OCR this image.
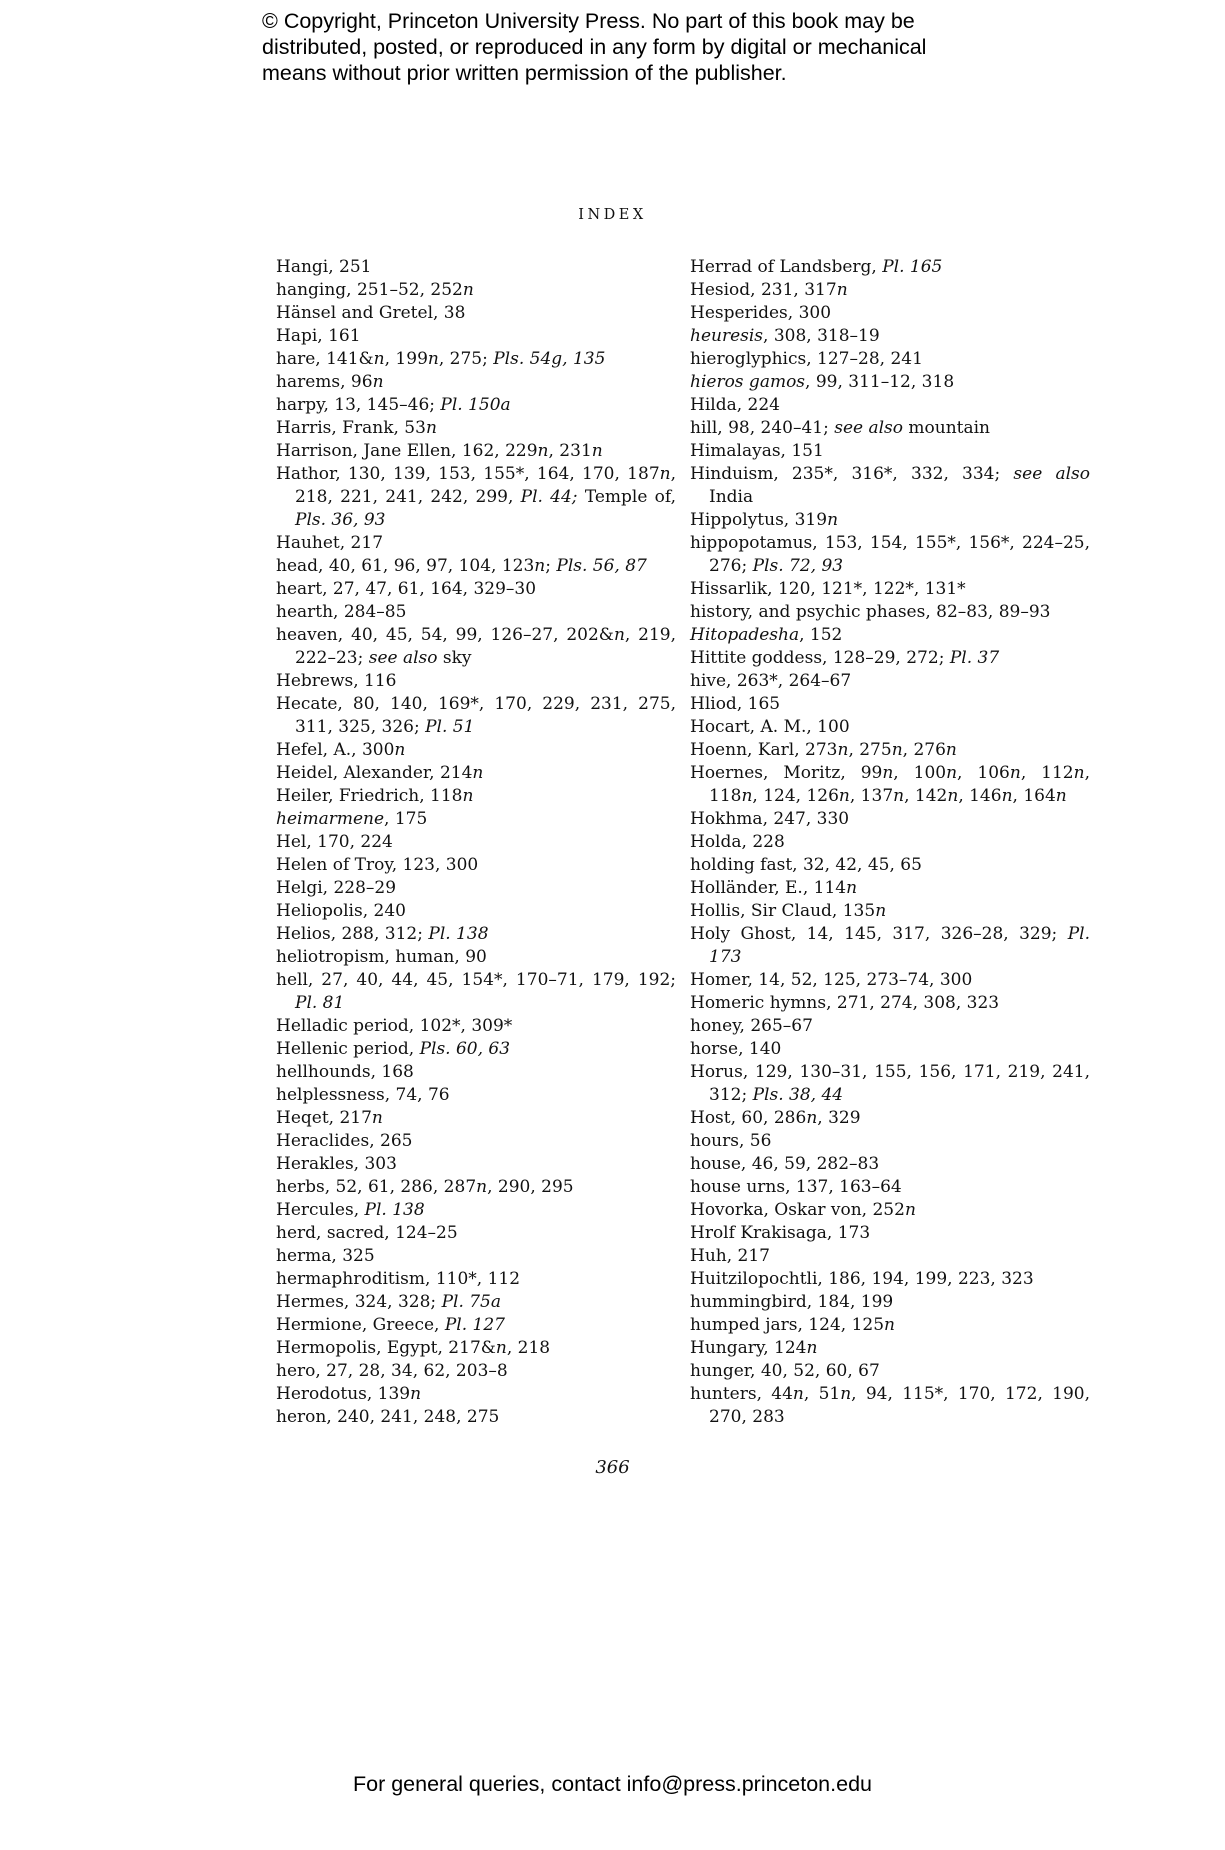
© Copyright, Princeton University Press. No part of this book may be
distributed, posted, or reproduced in any form by digital or mechanical
means without prior written permission of the publisher.
INDEX
Hangi, 251
hanging, 251–52, 252n
Hänsel and Gretel, 38
Hapi, 161
hare, 141&n, 199n, 275; Pls. 54g, 135
harems, 96n
harpy, 13, 145–46; Pl. 150a
Harris, Frank, 53n
Harrison, Jane Ellen, 162, 229n, 231n
Hathor, 130, 139, 153, 155*, 164, 170, 187n, 218, 221, 241, 242, 299, Pl. 44; Temple of, Pls. 36, 93
Hauhet, 217
head, 40, 61, 96, 97, 104, 123n; Pls. 56, 87
heart, 27, 47, 61, 164, 329–30
hearth, 284–85
heaven, 40, 45, 54, 99, 126–27, 202&n, 219, 222–23; see also sky
Hebrews, 116
Hecate, 80, 140, 169*, 170, 229, 231, 275, 311, 325, 326; Pl. 51
Hefel, A., 300n
Heidel, Alexander, 214n
Heiler, Friedrich, 118n
heimarmene, 175
Hel, 170, 224
Helen of Troy, 123, 300
Helgi, 228–29
Heliopolis, 240
Helios, 288, 312; Pl. 138
heliotropism, human, 90
hell, 27, 40, 44, 45, 154*, 170–71, 179, 192; Pl. 81
Helladic period, 102*, 309*
Hellenic period, Pls. 60, 63
hellhounds, 168
helplessness, 74, 76
Heqet, 217n
Heraclides, 265
Herakles, 303
herbs, 52, 61, 286, 287n, 290, 295
Hercules, Pl. 138
herd, sacred, 124–25
herma, 325
hermaphroditism, 110*, 112
Hermes, 324, 328; Pl. 75a
Hermione, Greece, Pl. 127
Hermopolis, Egypt, 217&n, 218
hero, 27, 28, 34, 62, 203–8
Herodotus, 139n
heron, 240, 241, 248, 275
Herrad of Landsberg, Pl. 165
Hesiod, 231, 317n
Hesperides, 300
heuresis, 308, 318–19
hieroglyphics, 127–28, 241
hieros gamos, 99, 311–12, 318
Hilda, 224
hill, 98, 240–41; see also mountain
Himalayas, 151
Hinduism, 235*, 316*, 332, 334; see also India
Hippolytus, 319n
hippopotamus, 153, 154, 155*, 156*, 224–25, 276; Pls. 72, 93
Hissarlik, 120, 121*, 122*, 131*
history, and psychic phases, 82–83, 89–93
Hitopadesha, 152
Hittite goddess, 128–29, 272; Pl. 37
hive, 263*, 264–67
Hliod, 165
Hocart, A. M., 100
Hoenn, Karl, 273n, 275n, 276n
Hoernes, Moritz, 99n, 100n, 106n, 112n, 118n, 124, 126n, 137n, 142n, 146n, 164n
Hokhma, 247, 330
Holda, 228
holding fast, 32, 42, 45, 65
Holländer, E., 114n
Hollis, Sir Claud, 135n
Holy Ghost, 14, 145, 317, 326–28, 329; Pl. 173
Homer, 14, 52, 125, 273–74, 300
Homeric hymns, 271, 274, 308, 323
honey, 265–67
horse, 140
Horus, 129, 130–31, 155, 156, 171, 219, 241, 312; Pls. 38, 44
Host, 60, 286n, 329
hours, 56
house, 46, 59, 282–83
house urns, 137, 163–64
Hovorka, Oskar von, 252n
Hrolf Krakisaga, 173
Huh, 217
Huitzilopochtli, 186, 194, 199, 223, 323
hummingbird, 184, 199
humped jars, 124, 125n
Hungary, 124n
hunger, 40, 52, 60, 67
hunters, 44n, 51n, 94, 115*, 170, 172, 190, 270, 283
366
For general queries, contact info@press.princeton.edu
